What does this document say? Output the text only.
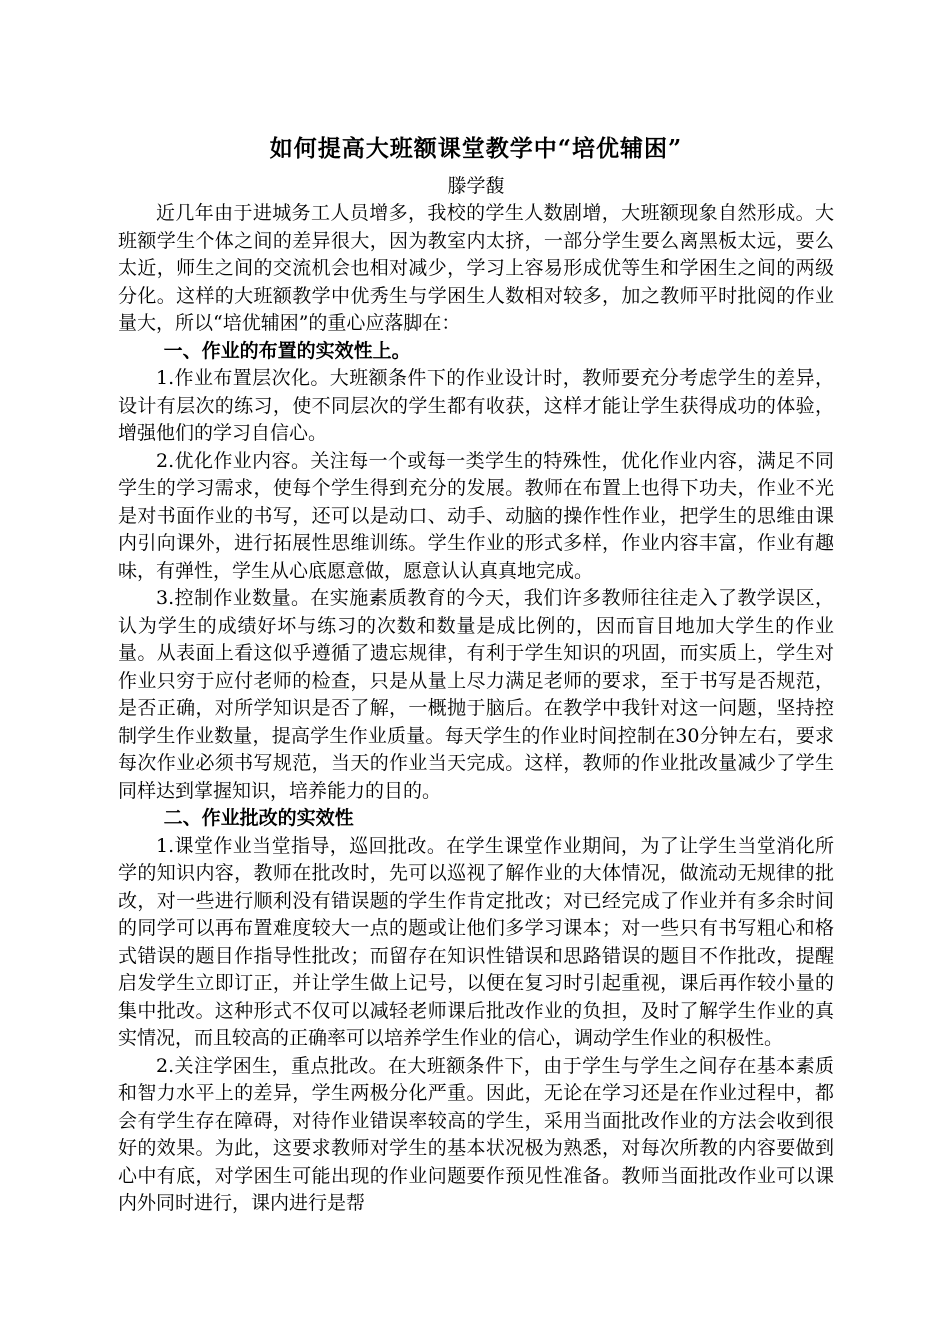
如何提高大班额课堂教学中“培优辅困”

滕学馥

近几年由于进城务工人员增多，我校的学生人数剧增，大班额现象自然形成。大班额学生个体之间的差异很大，因为教室内太挤，一部分学生要么离黑板太远，要么太近，师生之间的交流机会也相对减少，学习上容易形成优等生和学困生之间的两级分化。这样的大班额教学中优秀生与学困生人数相对较多，加之教师平时批阅的作业量大，所以“培优辅困”的重心应落脚在：

一、作业的布置的实效性上。

1.作业布置层次化。大班额条件下的作业设计时，教师要充分考虑学生的差异，设计有层次的练习，使不同层次的学生都有收获，这样才能让学生获得成功的体验，增强他们的学习自信心。

2.优化作业内容。关注每一个或每一类学生的特殊性，优化作业内容，满足不同学生的学习需求，使每个学生得到充分的发展。教师在布置上也得下功夫，作业不光是对书面作业的书写，还可以是动口、动手、动脑的操作性作业，把学生的思维由课内引向课外，进行拓展性思维训练。学生作业的形式多样，作业内容丰富，作业有趣味，有弹性，学生从心底愿意做，愿意认认真真地完成。

3.控制作业数量。在实施素质教育的今天，我们许多教师往往走入了教学误区，认为学生的成绩好坏与练习的次数和数量是成比例的，因而盲目地加大学生的作业量。从表面上看这似乎遵循了遗忘规律，有利于学生知识的巩固，而实质上，学生对作业只穷于应付老师的检查，只是从量上尽力满足老师的要求，至于书写是否规范，是否正确，对所学知识是否了解，一概抛于脑后。在教学中我针对这一问题，坚持控制学生作业数量，提高学生作业质量。每天学生的作业时间控制在30分钟左右，要求每次作业必须书写规范，当天的作业当天完成。这样，教师的作业批改量减少了学生同样达到掌握知识，培养能力的目的。

二、作业批改的实效性

1.课堂作业当堂指导，巡回批改。在学生课堂作业期间，为了让学生当堂消化所学的知识内容，教师在批改时，先可以巡视了解作业的大体情况，做流动无规律的批改，对一些进行顺利没有错误题的学生作肯定批改；对已经完成了作业并有多余时间的同学可以再布置难度较大一点的题或让他们多学习课本；对一些只有书写粗心和格式错误的题目作指导性批改；而留存在知识性错误和思路错误的题目不作批改，提醒启发学生立即订正，并让学生做上记号，以便在复习时引起重视，课后再作较小量的集中批改。这种形式不仅可以减轻老师课后批改作业的负担，及时了解学生作业的真实情况，而且较高的正确率可以培养学生作业的信心，调动学生作业的积极性。

2.关注学困生，重点批改。在大班额条件下，由于学生与学生之间存在基本素质和智力水平上的差异，学生两极分化严重。因此，无论在学习还是在作业过程中，都会有学生存在障碍，对待作业错误率较高的学生，采用当面批改作业的方法会收到很好的效果。为此，这要求教师对学生的基本状况极为熟悉，对每次所教的内容要做到心中有底，对学困生可能出现的作业问题要作预见性准备。教师当面批改作业可以课内外同时进行，课内进行是帮
